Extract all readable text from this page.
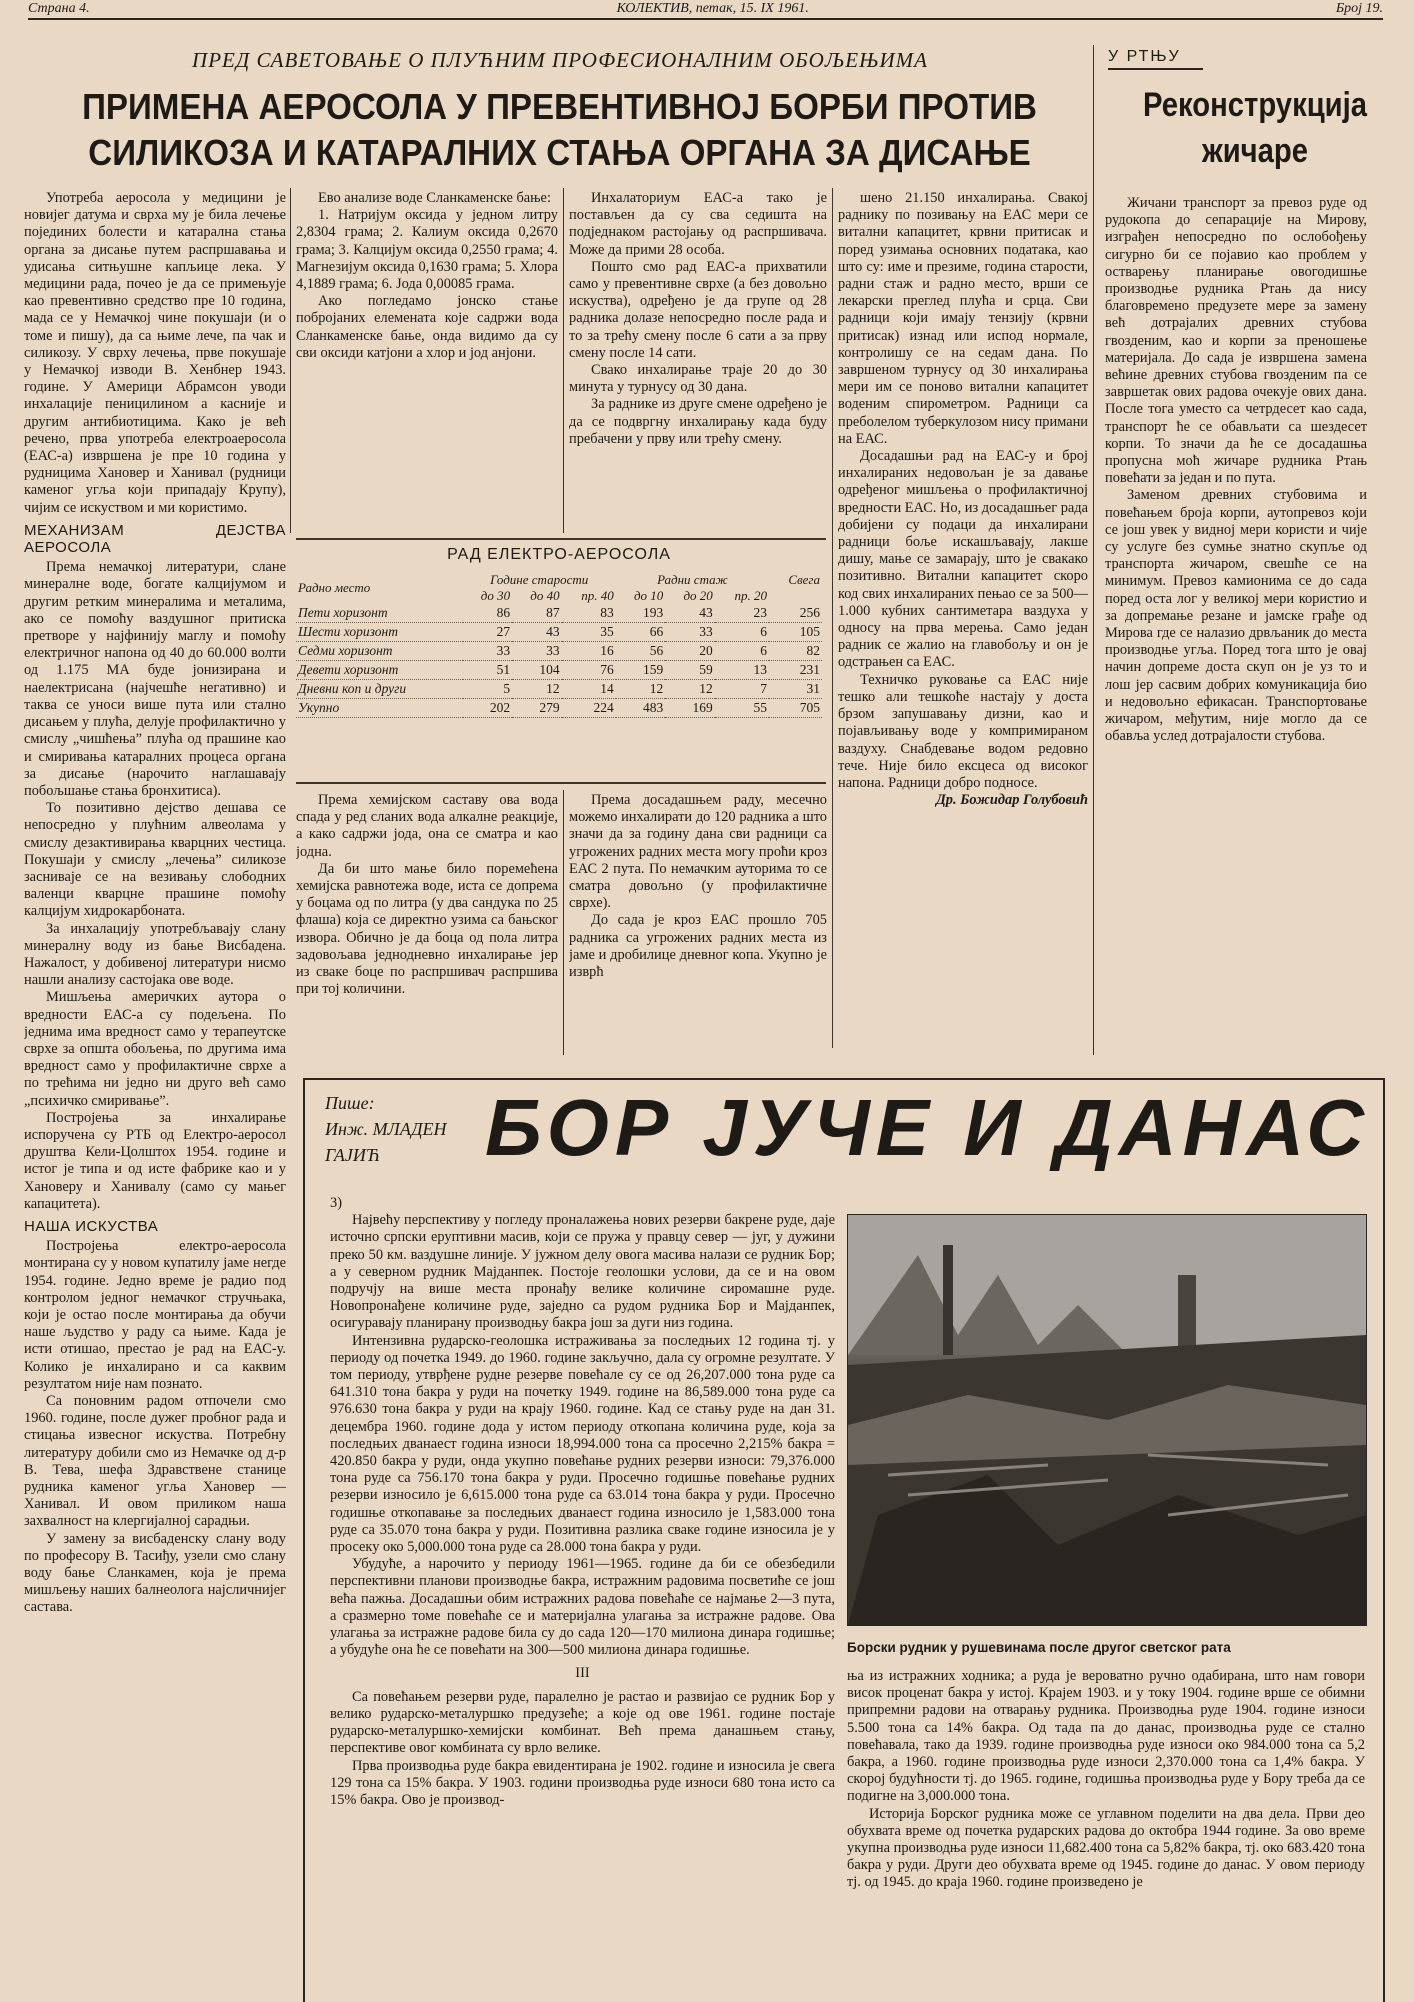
Страна 4.	КОЛЕКТИВ, петак, 15. IX 1961.	Број 19.
ПРЕД САВЕТОВАЊЕ О ПЛУЋНИМ ПРОФЕСИОНАЛНИМ ОБОЉЕЊИМА
ПРИМЕНА АЕРОСОЛА У ПРЕВЕНТИВНОЈ БОРБИ ПРОТИВ СИЛИКОЗА И КАТАРАЛНИХ СТАЊА ОРГАНА ЗА ДИСАЊЕ

Употреба аеросола у медицини је новијег датума и сврха му је била лечење појединих болести и катарална стања органа за дисање путем распршавања и удисања ситњушне капљице лека. У медицини рада, почео је да се примењује као превентивно средство пре 10 година, мада се у Немачкој чине покушаји (и о томе и пишу), да са њиме лече, па чак и силикозу. У сврху лечења, прве покушаје у Немачкој изводи В. Хенбнер 1943. године. У Америци Абрамсон уводи инхалације пеницилином а касније и другим антибиотицима. Како је већ речено, прва употреба електроаеросола (ЕАС-а) извршена је пре 10 година у рудницима Хановер и Ханивал (рудници каменог угља који припадају Крупу), чијим се искуством и ми користимо.

МЕХАНИЗАМ ДЕЈСТВА АЕРОСОЛА

Према немачкој литератури, слане минералне воде, богате калцијумом и другим ретким минералима и металима, ако се помоћу ваздушног притиска претворе у најфинију маглу и помоћу електричног напона од 40 до 60.000 волти од 1.175 МА буде јонизирана и наелектрисана (најчешће негативно) и таква се уноси више пута или стално дисањем у плућа, делује профилактично у смислу „чишћења” плућа од прашине као и смиривања катаралних процеса органа за дисање (нарочито наглашавају побољшање стања бронхитиса).

То позитивно дејство дешава се непосредно у плућним алвеолама у смислу дезактивирања кварцних честица. Покушаји у смислу „лечења” силикозе засниваје се на везивању слободних валенци кварцне прашине помоћу калцијум хидрокарбоната.

За инхалацију употребљавају слану минералну воду из бање Висбадена. Нажалост, у добивеној литератури нисмо нашли анализу састојака ове воде.

Мишљења америчких аутора о вредности ЕАС-а су подељена. По једнима има вредност само у терапеутске сврхе за општа обољења, по другима има вредност само у профилактичне сврхе а по трећима ни једно ни друго већ само „психичко смиривање”.

Постројења за инхалирање испоручена су РТБ од Електро-аеросол друштва Кели-Цолштох 1954. године и истог је типа и од исте фабрике као и у Хановеру и Ханивалу (само су мањег капацитета).

НАША ИСКУСТВА

Постројења електро-аеросола монтирана су у новом купатилу јаме негде 1954. године. Једно време је радио под контролом једног немачког стручњака, који је остао после монтирања да обучи наше људство у раду са њиме. Када је исти отишао, престао је рад на ЕАС-у. Колико је инхалирано и са каквим резултатом није нам познато.

Са поновним радом отпочели смо 1960. године, после дужег пробног рада и стицања извесног искуства. Потребну литературу добили смо из Немачке од д-р В. Тева, шефа Здравствене станице рудника каменог угља Хановер — Ханивал. И овом приликом наша захвалност на клергијалној сарадњи.

У замену за висбаденску слану воду по професору В. Тасиђу, узели смо слану воду бање Сланкамен, која је према мишљењу наших балнеолога најсличнијег састава.

Ево анализе воде Сланкаменске бање:

1. Натријум оксида у једном литру 2,8304 грама; 2. Калиум оксида 0,2670 грама; 3. Калцијум оксида 0,2550 грама; 4. Магнезијум оксида 0,1630 грама; 5. Хлора 4,1889 грама; 6. Јода 0,00085 грама.

Ако погледамо јонско стање побројаних елемената које садржи вода Сланкаменске бање, онда видимо да су сви оксиди катјони а хлор и јод анјони.

Инхалаториум ЕАС-а тако је постављен да су сва седишта на подједнаком растојању од распршивача. Може да прими 28 особа.

Пошто смо рад ЕАС-а прихватили само у превентивне сврхе (а без довољно искуства), одређено је да групе од 28 радника долазе непосредно после рада и то за трећу смену после 6 сати а за прву смену после 14 сати.

Свако инхалирање траје 20 до 30 минута у турнусу од 30 дана.

За раднике из друге смене одређено је да се подвргну инхалирању када буду пребачени у прву или трећу смену.

РАД ЕЛЕКТРО-АЕРОСОЛА
Радно место	Године старости			Радни стаж			Свега
	до 30	до 40	пр. 40	до 10	до 20	пр. 20	
Пети хоризонт	86	87	83	193	43	23	256
Шести хоризонт	27	43	35	66	33	6	105
Седми хоризонт	33	33	16	56	20	6	82
Девети хоризонт	51	104	76	159	59	13	231
Дневни коп и други	5	12	14	12	12	7	31
Укупно	202	279	224	483	169	55	705

Према хемијском саставу ова вода спада у ред сланих вода алкалне реакције, а како садржи јода, она се сматра и као јодна.

Да би што мање било поремећена хемијска равнотежа воде, иста се допрема у боцама од по литра (у два сандука по 25 флаша) која се директно узима са бањског извора. Обично је да боца од пола литра задовољава једнодневно инхалирање јер из сваке боце по распршивач распршива при тој количини.

Према досадашњем раду, месечно можемо инхалирати до 120 радника а што значи да за годину дана сви радници са угрожених радних места могу проћи кроз ЕАС 2 пута. По немачким ауторима то се сматра довољно (у профилактичне сврхе).

До сада је кроз ЕАС прошло 705 радника са угрожених радних места из јаме и дробилице дневног копа. Укупно је изврћ

шено 21.150 инхалирања. Свакој раднику по позивању на ЕАС мери се витални капацитет, крвни притисак и поред узимања основних података, као што су: име и презиме, година старости, радни стаж и радно место, врши се лекарски преглед плућа и срца. Сви радници који имају тензију (крвни притисак) изнад или испод нормале, контролишу се на седам дана. По завршеном турнусу од 30 инхалирања мери им се поново витални капацитет воденим спирометром. Радници са преболелом туберкулозом нису примани на ЕАС.

Досадашњи рад на ЕАС-у и број инхалираних недовољан је за давање одређеног мишљења о профилактичној вредности ЕАС. Но, из досадашњег рада добијени су подаци да инхалирани радници боље искашљавају, лакше дишу, мање се замарају, што је свакако позитивно. Витални капацитет скоро код свих инхалираних пењао се за 500—1.000 кубних сантиметара ваздуха у односу на прва мерења. Само један радник се жалио на главобољу и он је одстрањен са ЕАС.

Техничко руковање са ЕАС није тешко али тешкоће настају у доста брзом запушавању дизни, као и појављивању воде у компримираном ваздуху. Снабдевање водом редовно тече. Није било ексцеса од високог напона. Радници добро подносе.

Др. Божидар Голубовић

У РТЊУ
Реконструкција жичаре

Жичани транспорт за превоз руде од рудокопа до сепарације на Мирову, изграђен непосредно по ослобођењу сигурно би се појавио као проблем у остварењу планирање овогодишње производње рудника Ртањ да нису благовремено предузете мере за замену већ дотрајалих древних стубова гвозденим, као и корпи за преношење материјала. До сада је извршена замена већине древних стубова гвозденим па се завршетак ових радова очекује ових дана. После тога уместо са четрдесет као сада, транспорт ће се обављати са шездесет корпи. То значи да ће се досадашња пропусна моћ жичаре рудника Ртањ повећати за један и по пута.

Заменом древних стубовима и повећањем броја корпи, аутопревоз који се још увек у видној мери користи и чије су услуге без сумње знатно скупље од транспорта жичаром, свешће се на минимум. Превоз камионима се до сада поред оста лог у великој мери користио и за допремање резане и јамске грађе од Мирова где се налазио дрвљаник до места производње угља. Поред тога што је овај начин допреме доста скуп он је уз то и лош јер сасвим добрих комуникација био и недовољно ефикасан. Транспортовање жичаром, међутим, није могло да се обавља услед дотрајалости стубова.

Пише:
Инж. МЛАДЕН
ГАЈИЋ	БОР ЈУЧЕ И ДАНАС

3)

Највећу перспективу у погледу проналажења нових резерви бакрене руде, даје источно српски еруптивни масив, који се пружа у правцу север — југ, у дужини преко 50 км. ваздушне линије. У јужном делу овога масива налази се рудник Бор; а у северном рудник Мајданпек. Постоје геолошки услови, да се и на овом подручју на више места пронађу велике количине сиромашне руде. Новопронађене количине руде, заједно са рудом рудника Бор и Мајданпек, осигуравају планирану производњу бакра још за дуги низ година.

Интензивна рударско-геолошка истраживања за последњих 12 година тј. у периоду од почетка 1949. до 1960. године закључно, дала су огромне резултате. У том периоду, утврђене рудне резерве повећале су се од 26,207.000 тона руде са 641.310 тона бакра у руди на почетку 1949. године на 86,589.000 тона руде са 976.630 тона бакра у руди на крају 1960. године. Кад се стању руде на дан 31. децембра 1960. године дода у истом периоду откопана количина руде, која за последњих дванаест година износи 18,994.000 тона са просечно 2,215% бакра = 420.850 бакра у руди, онда укупно повећање рудних резерви износи: 79,376.000 тона руде са 756.170 тона бакра у руди. Просечно годишње повећање рудних резерви износило је 6,615.000 тона руде са 63.014 тона бакра у руди. Просечно годишње откопавање за последњих дванаест година износило је 1,583.000 тона руде са 35.070 тона бакра у руди. Позитивна разлика сваке године износила је у просеку око 5,000.000 тона руде са 28.000 тона бакра у руди.

Убудуће, а нарочито у периоду 1961—1965. године да би се обезбедили перспективни планови производње бакра, истражним радовима посветиће се још већа пажња. Досадашњи обим истражних радова повећаће се најмање 2—3 пута, а сразмерно томе повећаће се и материјална улагања за истражне радове. Ова улагања за истражне радове била су до сада 120—170 милиона динара годишње; а убудуће она ће се повећати на 300—500 милиона динара годишње.

III

Са повећањем резерви руде, паралелно је растао и развијао се рудник Бор у велико рударско-металуршко предузеће; а које од ове 1961. године постаје рударско-металуршко-хемијски комбинат. Већ према данашњем стању, перспективе овог комбината су врло велике.

Прва производња руде бакра евидентирана је 1902. године и износила је свега 129 тона са 15% бакра. У 1903. години производња руде износи 680 тона исто са 15% бакра. Ово је производ-

Борски рудник у рушевинама после другог светског рата

ња из истражних ходника; а руда је вероватно ручно одабирана, што нам говори висок проценат бакра у истој. Крајем 1903. и у току 1904. године врше се обимни припремни радови на отварању рудника. Производња руде 1904. године износи 5.500 тона са 14% бакра. Од тада па до данас, производња руде се стално повећавала, тако да 1939. године производња руде износи око 984.000 тона са 5,2 бакра, а 1960. године производња руде износи 2,370.000 тона са 1,4% бакра. У скорој будућности тј. до 1965. године, годишња производња руде у Бору треба да се подигне на 3,000.000 тона.

Историја Борског рудника може се углавном поделити на два дела. Први део обухвата време од почетка рударских радова до октобра 1944 године. За ово време укупна производња руде износи 11,682.400 тона са 5,82% бакра, тј. око 683.420 тона бакра у руди. Други део обухвата време од 1945. године до данас. У овом периоду тј. од 1945. до краја 1960. године произведено је
